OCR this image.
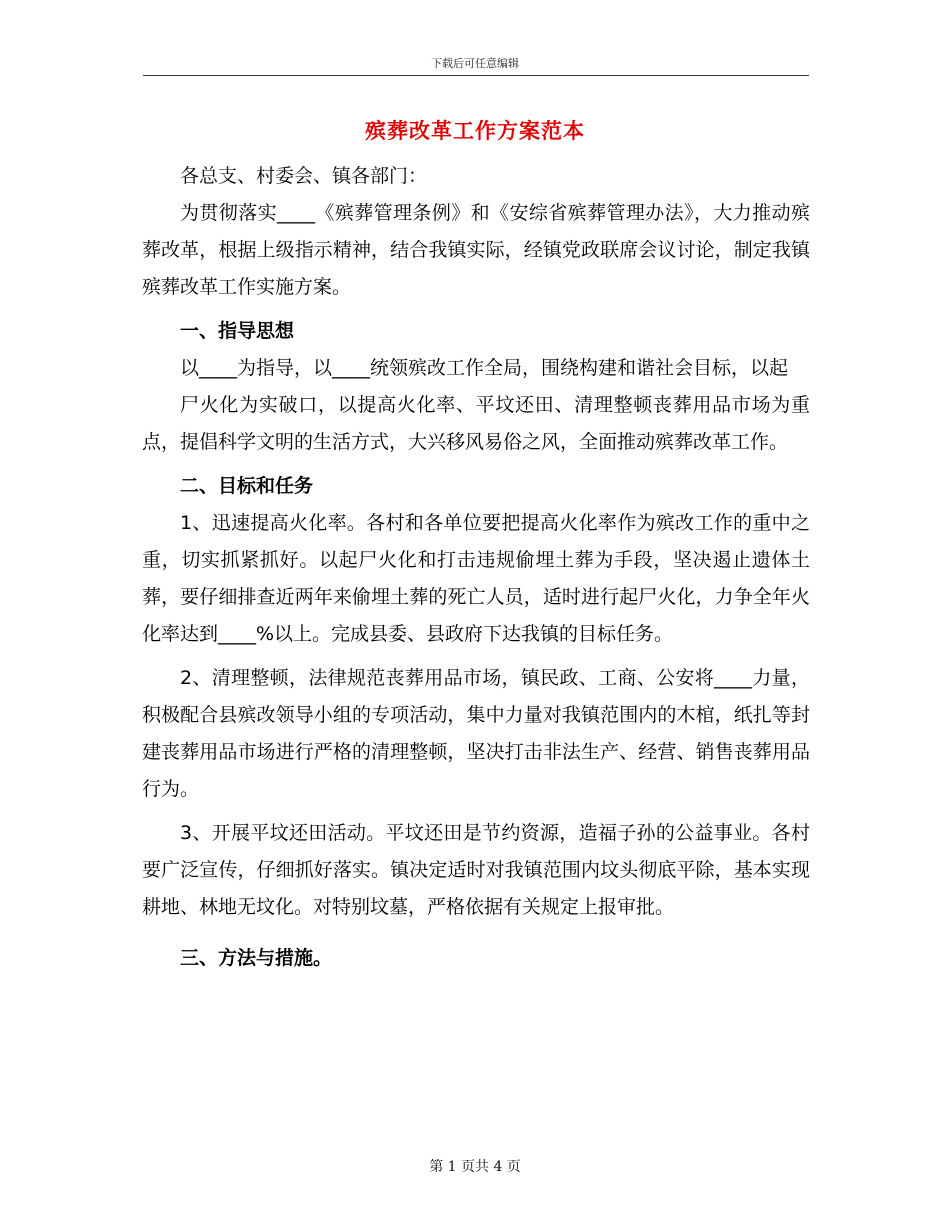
下载后可任意编辑
殡葬改革工作方案范本

各总支、村委会、镇各部门：

为贯彻落实____《殡葬管理条例》和《安综省殡葬管理办法》，大力推动殡葬改革，根据上级指示精神，结合我镇实际，经镇党政联席会议讨论，制定我镇殡葬改革工作实施方案。

一、指导思想

以____为指导，以____统领殡改工作全局，围绕构建和谐社会目标，以起

尸火化为实破口，以提高火化率、平坟还田、清理整顿丧葬用品市场为重点，提倡科学文明的生活方式，大兴移风易俗之风，全面推动殡葬改革工作。

二、目标和任务

1、迅速提高火化率。各村和各单位要把提高火化率作为殡改工作的重中之重，切实抓紧抓好。以起尸火化和打击违规偷埋土葬为手段，坚决遏止遗体土葬，要仔细排查近两年来偷埋土葬的死亡人员，适时进行起尸火化，力争全年火化率达到____%以上。完成县委、县政府下达我镇的目标任务。

2、清理整顿，法律规范丧葬用品市场，镇民政、工商、公安将____力量，积极配合县殡改领导小组的专项活动，集中力量对我镇范围内的木棺，纸扎等封建丧葬用品市场进行严格的清理整顿，坚决打击非法生产、经营、销售丧葬用品行为。

3、开展平坟还田活动。平坟还田是节约资源，造福子孙的公益事业。各村要广泛宣传，仔细抓好落实。镇决定适时对我镇范围内坟头彻底平除，基本实现耕地、林地无坟化。对特别坟墓，严格依据有关规定上报审批。

三、方法与措施。
第 1 页共 4 页
